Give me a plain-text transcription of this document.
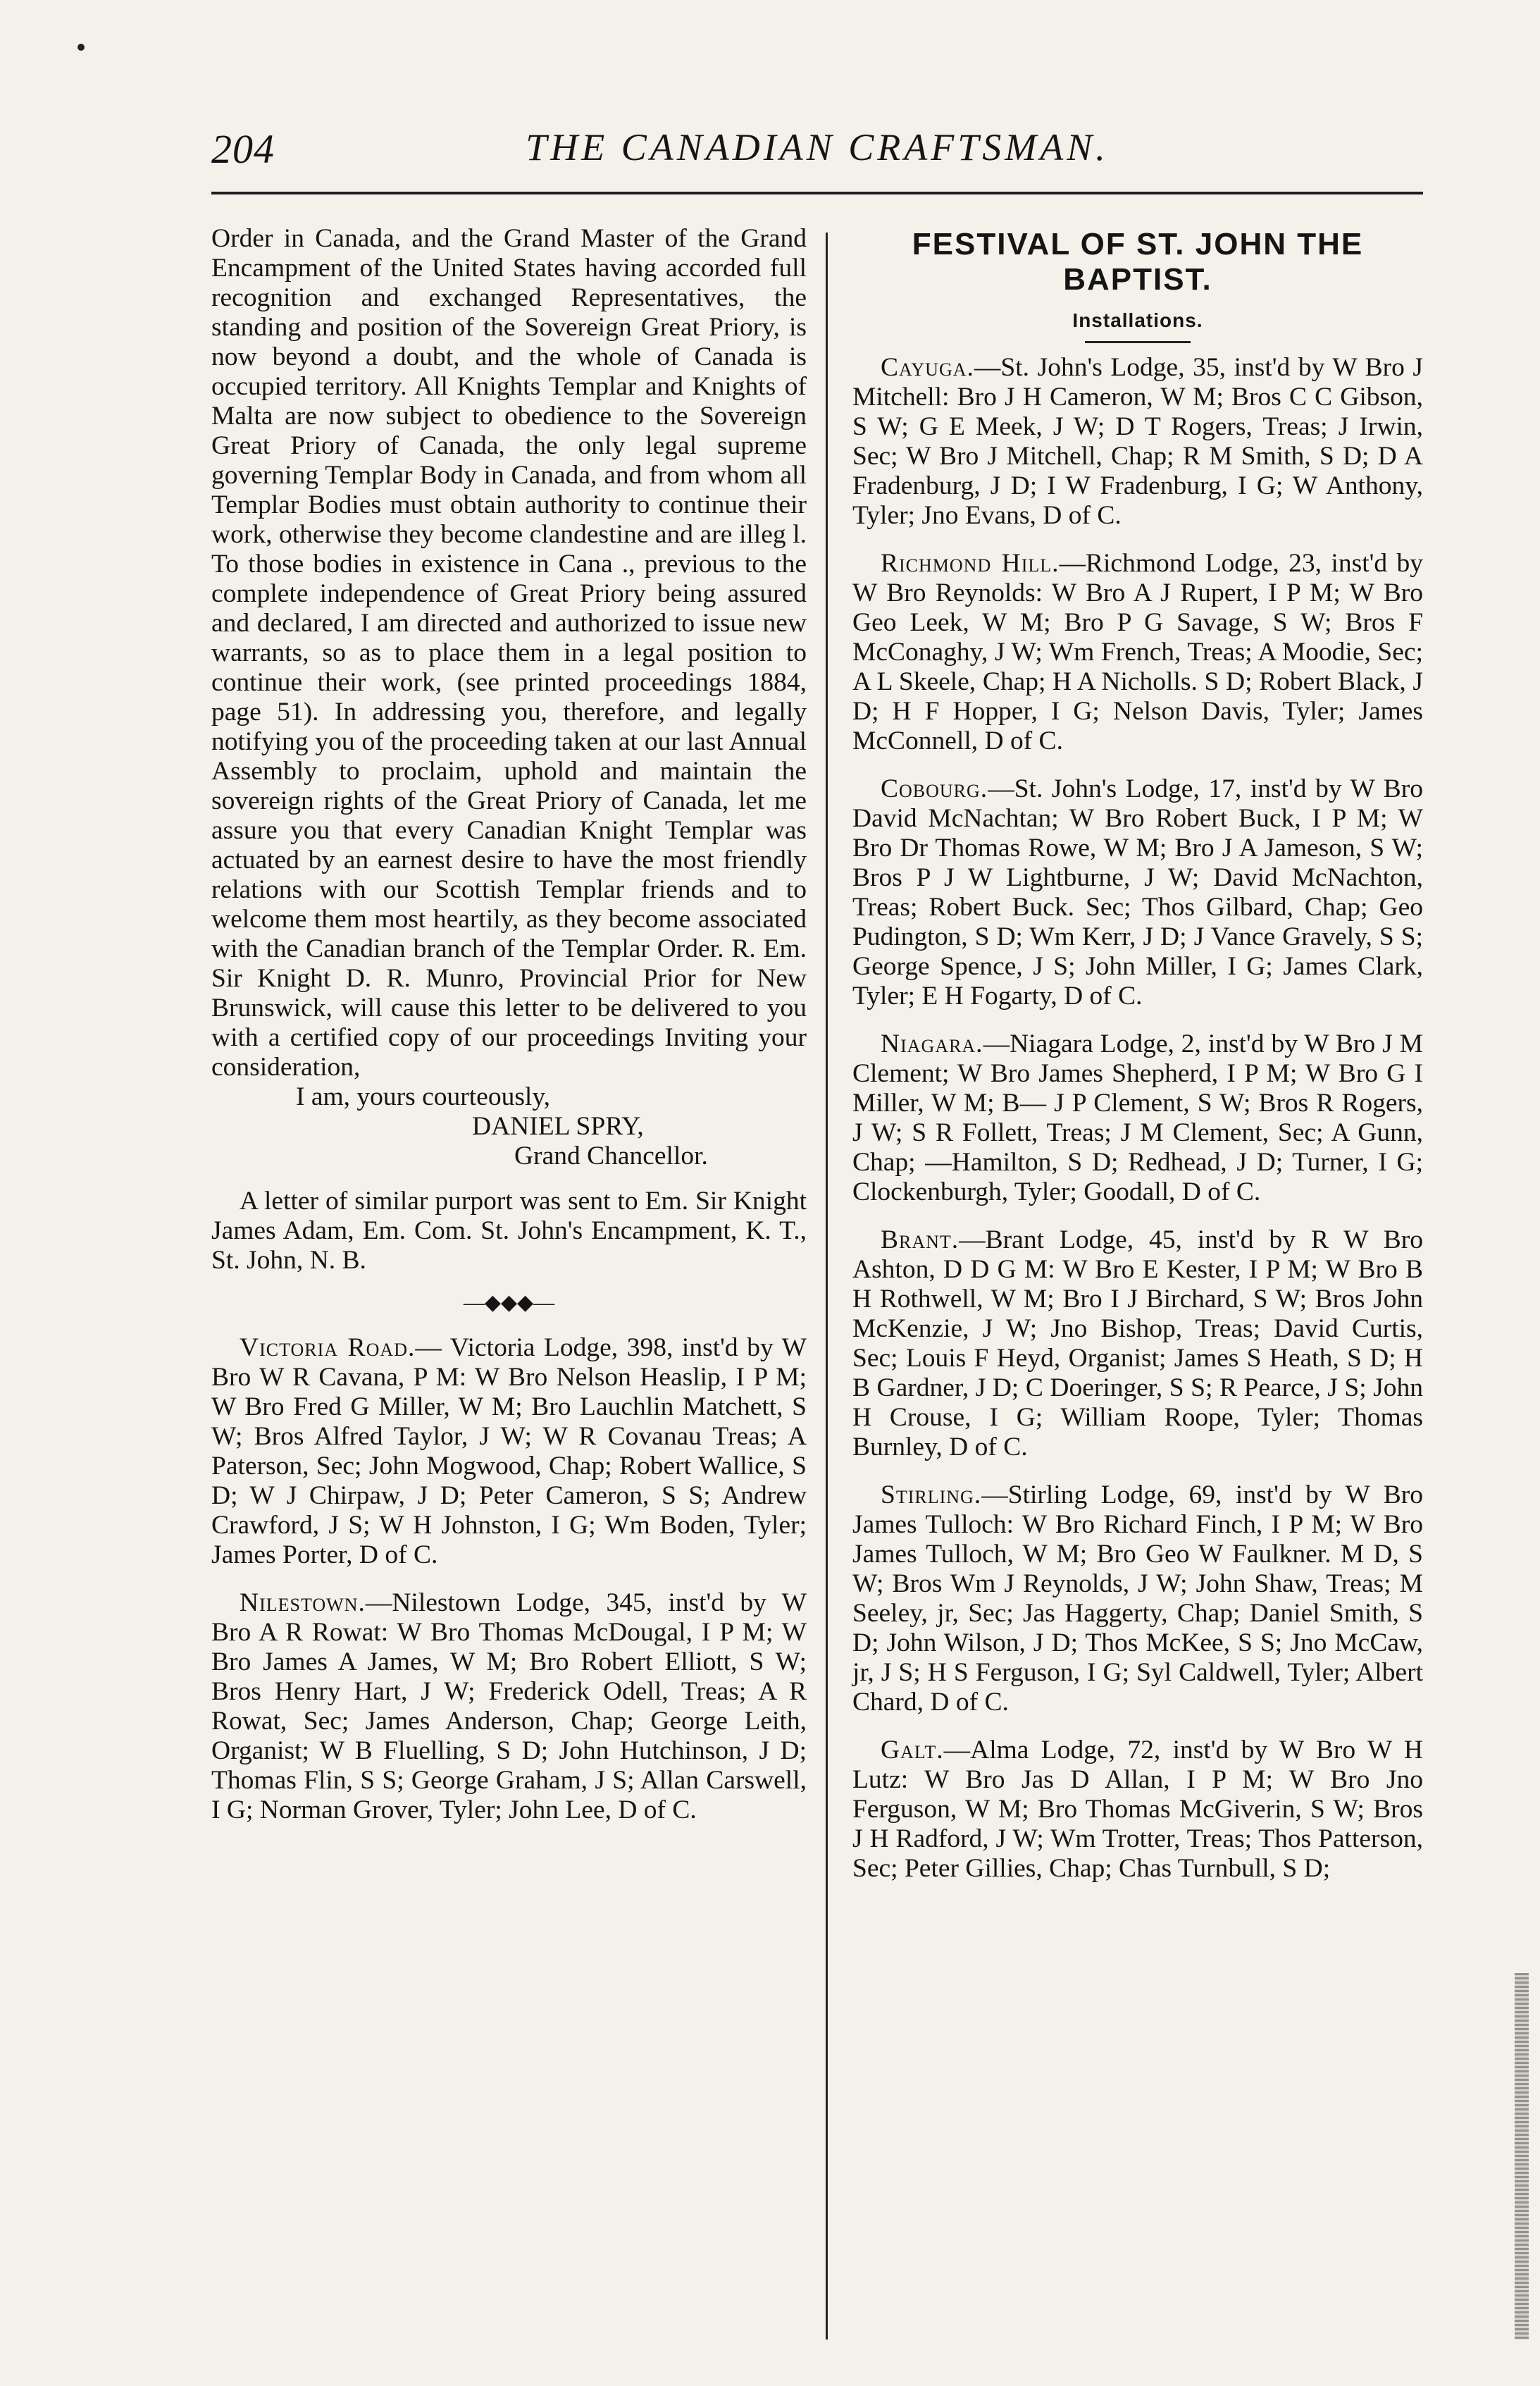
204	THE CANADIAN CRAFTSMAN.

Order in Canada, and the Grand Master of the Grand Encampment of the United States having accorded full recognition and exchanged Representatives, the standing and position of the Sovereign Great Priory, is now beyond a doubt, and the whole of Canada is occupied territory. All Knights Templar and Knights of Malta are now subject to obedience to the Sovereign Great Priory of Canada, the only legal supreme governing Templar Body in Canada, and from whom all Templar Bodies must obtain authority to continue their work, otherwise they become clandestine and are illeg l. To those bodies in existence in Cana ., previous to the complete independence of Great Priory being assured and declared, I am directed and authorized to issue new warrants, so as to place them in a legal position to continue their work, (see printed proceedings 1884, page 51). In addressing you, therefore, and legally notifying you of the proceeding taken at our last Annual Assembly to proclaim, uphold and maintain the sovereign rights of the Great Priory of Canada, let me assure you that every Canadian Knight Templar was actuated by an earnest desire to have the most friendly relations with our Scottish Templar friends and to welcome them most heartily, as they become associated with the Canadian branch of the Templar Order. R. Em. Sir Knight D. R. Munro, Provincial Prior for New Brunswick, will cause this letter to be delivered to you with a certified copy of our proceedings Inviting your consideration,

I am, yours courteously,
DANIEL SPRY,
Grand Chancellor.

A letter of similar purport was sent to Em. Sir Knight James Adam, Em. Com. St. John's Encampment, K. T., St. John, N. B.

—◆◆◆—

Victoria Road.— Victoria Lodge, 398, inst'd by W Bro W R Cavana, P M: W Bro Nelson Heaslip, I P M; W Bro Fred G Miller, W M; Bro Lauchlin Matchett, S W; Bros Alfred Taylor, J W; W R Covanau Treas; A Paterson, Sec; John Mogwood, Chap; Robert Wallice, S D; W J Chirpaw, J D; Peter Cameron, S S; Andrew Crawford, J S; W H Johnston, I G; Wm Boden, Tyler; James Porter, D of C.

Nilestown.—Nilestown Lodge, 345, inst'd by W Bro A R Rowat: W Bro Thomas McDougal, I P M; W Bro James A James, W M; Bro Robert Elliott, S W; Bros Henry Hart, J W; Frederick Odell, Treas; A R Rowat, Sec; James Anderson, Chap; George Leith, Organist; W B Fluelling, S D; John Hutchinson, J D; Thomas Flin, S S; George Graham, J S; Allan Carswell, I G; Norman Grover, Tyler; John Lee, D of C.

FESTIVAL OF ST. JOHN THE BAPTIST.
Installations.

Cayuga.—St. John's Lodge, 35, inst'd by W Bro J Mitchell: Bro J H Cameron, W M; Bros C C Gibson, S W; G E Meek, J W; D T Rogers, Treas; J Irwin, Sec; W Bro J Mitchell, Chap; R M Smith, S D; D A Fradenburg, J D; I W Fradenburg, I G; W Anthony, Tyler; Jno Evans, D of C.

Richmond Hill.—Richmond Lodge, 23, inst'd by W Bro Reynolds: W Bro A J Rupert, I P M; W Bro Geo Leek, W M; Bro P G Savage, S W; Bros F McConaghy, J W; Wm French, Treas; A Moodie, Sec; A L Skeele, Chap; H A Nicholls. S D; Robert Black, J D; H F Hopper, I G; Nelson Davis, Tyler; James McConnell, D of C.

Cobourg.—St. John's Lodge, 17, inst'd by W Bro David McNachtan; W Bro Robert Buck, I P M; W Bro Dr Thomas Rowe, W M; Bro J A Jameson, S W; Bros P J W Lightburne, J W; David McNachton, Treas; Robert Buck. Sec; Thos Gilbard, Chap; Geo Pudington, S D; Wm Kerr, J D; J Vance Gravely, S S; George Spence, J S; John Miller, I G; James Clark, Tyler; E H Fogarty, D of C.

Niagara.—Niagara Lodge, 2, inst'd by W Bro J M Clement; W Bro James Shepherd, I P M; W Bro G I Miller, W M; B— J P Clement, S W; Bros R Rogers, J W; S R Follett, Treas; J M Clement, Sec; A Gunn, Chap; —Hamilton, S D; Redhead, J D; Turner, I G; Clockenburgh, Tyler; Goodall, D of C.

Brant.—Brant Lodge, 45, inst'd by R W Bro Ashton, D D G M: W Bro E Kester, I P M; W Bro B H Rothwell, W M; Bro I J Birchard, S W; Bros John McKenzie, J W; Jno Bishop, Treas; David Curtis, Sec; Louis F Heyd, Organist; James S Heath, S D; H B Gardner, J D; C Doeringer, S S; R Pearce, J S; John H Crouse, I G; William Roope, Tyler; Thomas Burnley, D of C.

Stirling.—Stirling Lodge, 69, inst'd by W Bro James Tulloch: W Bro Richard Finch, I P M; W Bro James Tulloch, W M; Bro Geo W Faulkner. M D, S W; Bros Wm J Reynolds, J W; John Shaw, Treas; M Seeley, jr, Sec; Jas Haggerty, Chap; Daniel Smith, S D; John Wilson, J D; Thos McKee, S S; Jno McCaw, jr, J S; H S Ferguson, I G; Syl Caldwell, Tyler; Albert Chard, D of C.

Galt.—Alma Lodge, 72, inst'd by W Bro W H Lutz: W Bro Jas D Allan, I P M; W Bro Jno Ferguson, W M; Bro Thomas McGiverin, S W; Bros J H Radford, J W; Wm Trotter, Treas; Thos Patterson, Sec; Peter Gillies, Chap; Chas Turnbull, S D;
